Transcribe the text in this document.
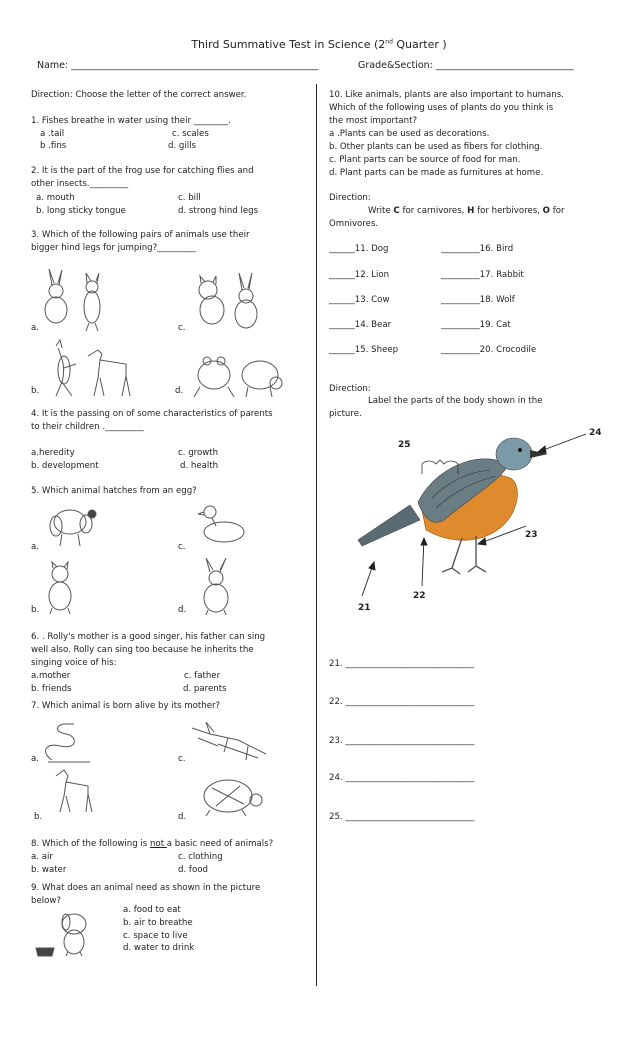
Third Summative Test in Science (2nd Quarter )
Name: ____________________________________________________	Grade&Section: _____________________________
Direction: Choose the letter of the correct answer.
1. Fishes breathe in water using their ________.
a .tail	c. scales
b .fins	d. gills
2. It is the part of the frog use for catching flies and
other insects._________
a. mouth	c. bill
b. long sticky tongue	d. strong hind legs
3. Which of the following pairs of animals use their
bigger hind legs for jumping?_________
a.	c.
b.	d.
4. It is the passing on of some characteristics of parents
to their children ._________
a.heredity	c. growth
b. development	d. health
5. Which animal hatches from an egg?
a.	c.
b.	d.
6. . Rolly's mother is a good singer, his father can sing
well also. Rolly can sing too because he inherits the
singing voice of his:
a.mother	c. father
b. friends	d. parents
7. Which animal is born alive by its mother?
a.	c.
b.	d.
8. Which of the following is not a basic need of animals?
a. air	c. clothing
b. water	d. food
9. What does an animal need as shown in the picture
below?
a. food to eat
b. air to breathe
c. space to live
d. water to drink
10. Like animals, plants are also important to humans.
Which of the following uses of plants do you think is
the most important?
a .Plants can be used as decorations.
b. Other plants can be used as fibers for clothing.
c. Plant parts can be source of food for man.
d. Plant parts can be made as furnitures at home.
Direction:
Write C for carnivores, H for herbivores, O for
Omnivores.
______11. Dog	_________16. Bird
______12. Lion	_________17. Rabbit
______13. Cow	_________18. Wolf
______14. Bear	_________19. Cat
______15. Sheep	_________20. Crocodile
Direction:
Label the parts of the body shown in the
picture.
24
25
23
22
21
21. ______________________________
22. ______________________________
23. ______________________________
24. ______________________________
25. ______________________________
